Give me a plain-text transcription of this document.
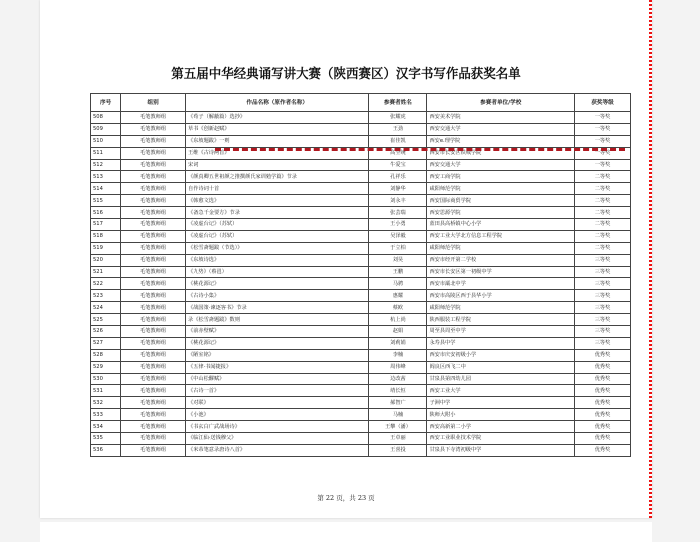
第五届中华经典诵写讲大赛（陕西赛区）汉字书写作品获奖名单
序号	组别	作品名称（原作者名称）	参赛者姓名	参赛者单位/学校	获奖等级
508	毛笔教师组	《荀子（解蔽篇）选抄》	张耀虎	西安美术学院	一等奖
509	毛笔教师组	草书《创新赵赋》	王劲	西安交通大学	一等奖
510	毛笔教师组	《东坡题跋》一则	崔佳凯	西安e.理学院	一等奖
511	毛笔教师组	王维《古诗两首》	高全统	西安市长安区铁城学院	一等奖
512	毛笔教师组	宋词	牛爱宝	西安交通大学	一等奖
513	毛笔教师组	《颜真卿五世祖颜之推撰颜氏家训勉学篇》节录	孔祥乐	西安工商学院	二等奖
514	毛笔教师组	自作诗词十首	刘静华	咸阳师范学院	二等奖
515	毛笔教师组	《韩愈文选》	刘永丰	西安国际商贸学院	二等奖
516	毛笔教师组	《备急千金要方》节录	张芸瑞	西安思源学院	二等奖
517	毛笔教师组	《凌虚台记》（苏轼）	王小勇	蓝田县高桥镇中心小学	二等奖
518	毛笔教师组	《凌虚台记》（苏轼）	吴泽毅	西安工业大学北方信息工程学院	二等奖
519	毛笔教师组	《松雪斋题跋（节选）》	于立柏	咸阳师范学院	二等奖
520	毛笔教师组	《东坡诗选》	刘昊	西安市经开第二学校	三等奖
521	毛笔教师组	《九势》（蔡邕）	王鹏	西安市长安区第一初级中学	三等奖
522	毛笔教师组	《桃花源记》	马骋	西安市灞北中学	三等奖
523	毛笔教师组	《古诗小集》	惠耀	西安市高陵区西于县华小学	三等奖
524	毛笔教师组	《战国策·谏逐客书》节录	蔡欧	咸阳师范学院	三等奖
525	毛笔教师组	录《松雪斋题跋》数则	杭上尚	陕西服装工程学院	三等奖
526	毛笔教师组	《前赤壁赋》	赵娟	周至县周至中学	三等奖
527	毛笔教师组	《桃花源记》	刘莉娟	永寿县中学	三等奖
528	毛笔教师组	《陋室铭》	李楠	西安市庆安初级小学	优秀奖
529	毛笔教师组	《五律·书闻捷报》	周伟峰	阎良区西飞二中	优秀奖
530	毛笔教师组	《中山松醪赋》	边改茜	甘泉县第四幼儿园	优秀奖
531	毛笔教师组	《古诗一首》	靖长恒	西安工业大学	优秀奖
532	毛笔教师组	《对联》	郝智广	子洲中学	优秀奖
533	毛笔教师组	《小池》	马楠	陕师大附小	优秀奖
534	毛笔教师组	《书玄白广武战场诗》	王攀（潘）	西安高新第二小学	优秀奖
535	毛笔教师组	《临江仙·送钱穆父》	王卓丽	西安工业职业技术学院	优秀奖
536	毛笔教师组	《米芾笔意录唐诗八首》	王喜投	甘泉县下寺湾初级中学	优秀奖
第 22 页，共 23 页
